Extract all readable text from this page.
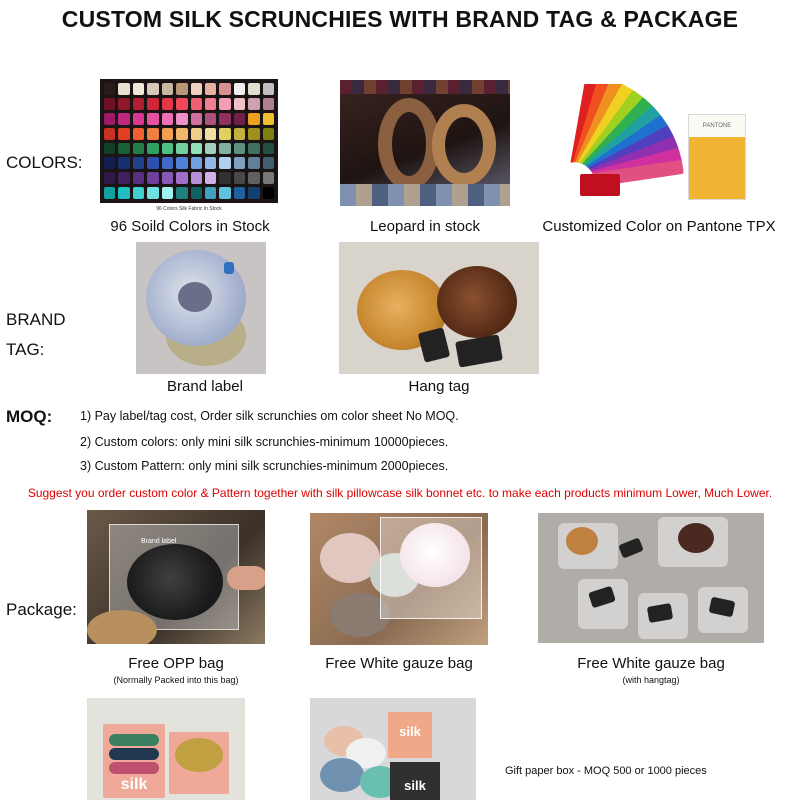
CUSTOM SILK SCRUNCHIES WITH BRAND TAG & PACKAGE
COLORS:
96 Colors Silk Fabric In Stock
96 Soild Colors in Stock	Leopard in stock
PANTONE
Customized Color on Pantone TPX
BRAND
TAG:
Brand label	Hang tag
MOQ: 1) Pay label/tag cost, Order silk scrunchies om color sheet No MOQ.
2) Custom colors: only mini silk scrunchies-minimum 10000pieces.
3) Custom Pattern: only mini silk scrunchies-minimum 2000pieces.
Suggest you order custom color & Pattern together with silk pillowcase silk bonnet etc. to make each products minimum Lower, Much Lower.
Package:
Brand label
Free OPP bag
(Normally Packed into this bag)
Free White gauze bag	Free White gauze bag
(with hangtag)
silk
silk
silk
Gift paper box - MOQ 500 or 1000 pieces
